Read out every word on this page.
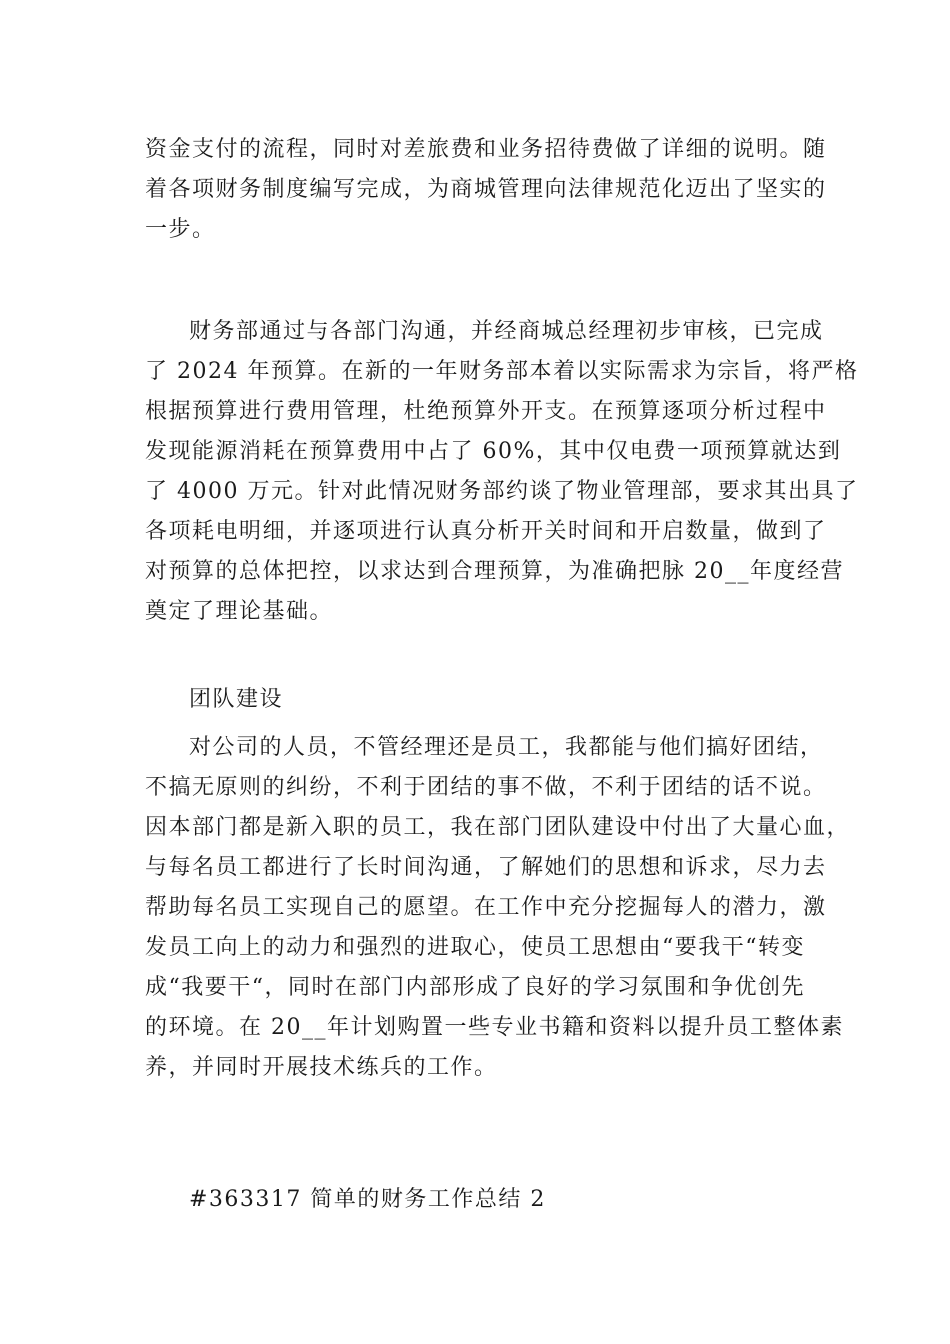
资金支付的流程，同时对差旅费和业务招待费做了详细的说明。随
着各项财务制度编写完成，为商城管理向法律规范化迈出了坚实的
一步。
财务部通过与各部门沟通，并经商城总经理初步审核，已完成
了 2024 年预算。在新的一年财务部本着以实际需求为宗旨，将严格
根据预算进行费用管理，杜绝预算外开支。在预算逐项分析过程中
发现能源消耗在预算费用中占了 60%，其中仅电费一项预算就达到
了 4000 万元。针对此情况财务部约谈了物业管理部，要求其出具了
各项耗电明细，并逐项进行认真分析开关时间和开启数量，做到了
对预算的总体把控，以求达到合理预算，为准确把脉 20__年度经营
奠定了理论基础。
团队建设
对公司的人员，不管经理还是员工，我都能与他们搞好团结，
不搞无原则的纠纷，不利于团结的事不做，不利于团结的话不说。
因本部门都是新入职的员工，我在部门团队建设中付出了大量心血，
与每名员工都进行了长时间沟通，了解她们的思想和诉求，尽力去
帮助每名员工实现自己的愿望。在工作中充分挖掘每人的潜力，激
发员工向上的动力和强烈的进取心，使员工思想由“要我干“转变
成“我要干“，同时在部门内部形成了良好的学习氛围和争优创先
的环境。在 20__年计划购置一些专业书籍和资料以提升员工整体素
养，并同时开展技术练兵的工作。
#363317 简单的财务工作总结 2
